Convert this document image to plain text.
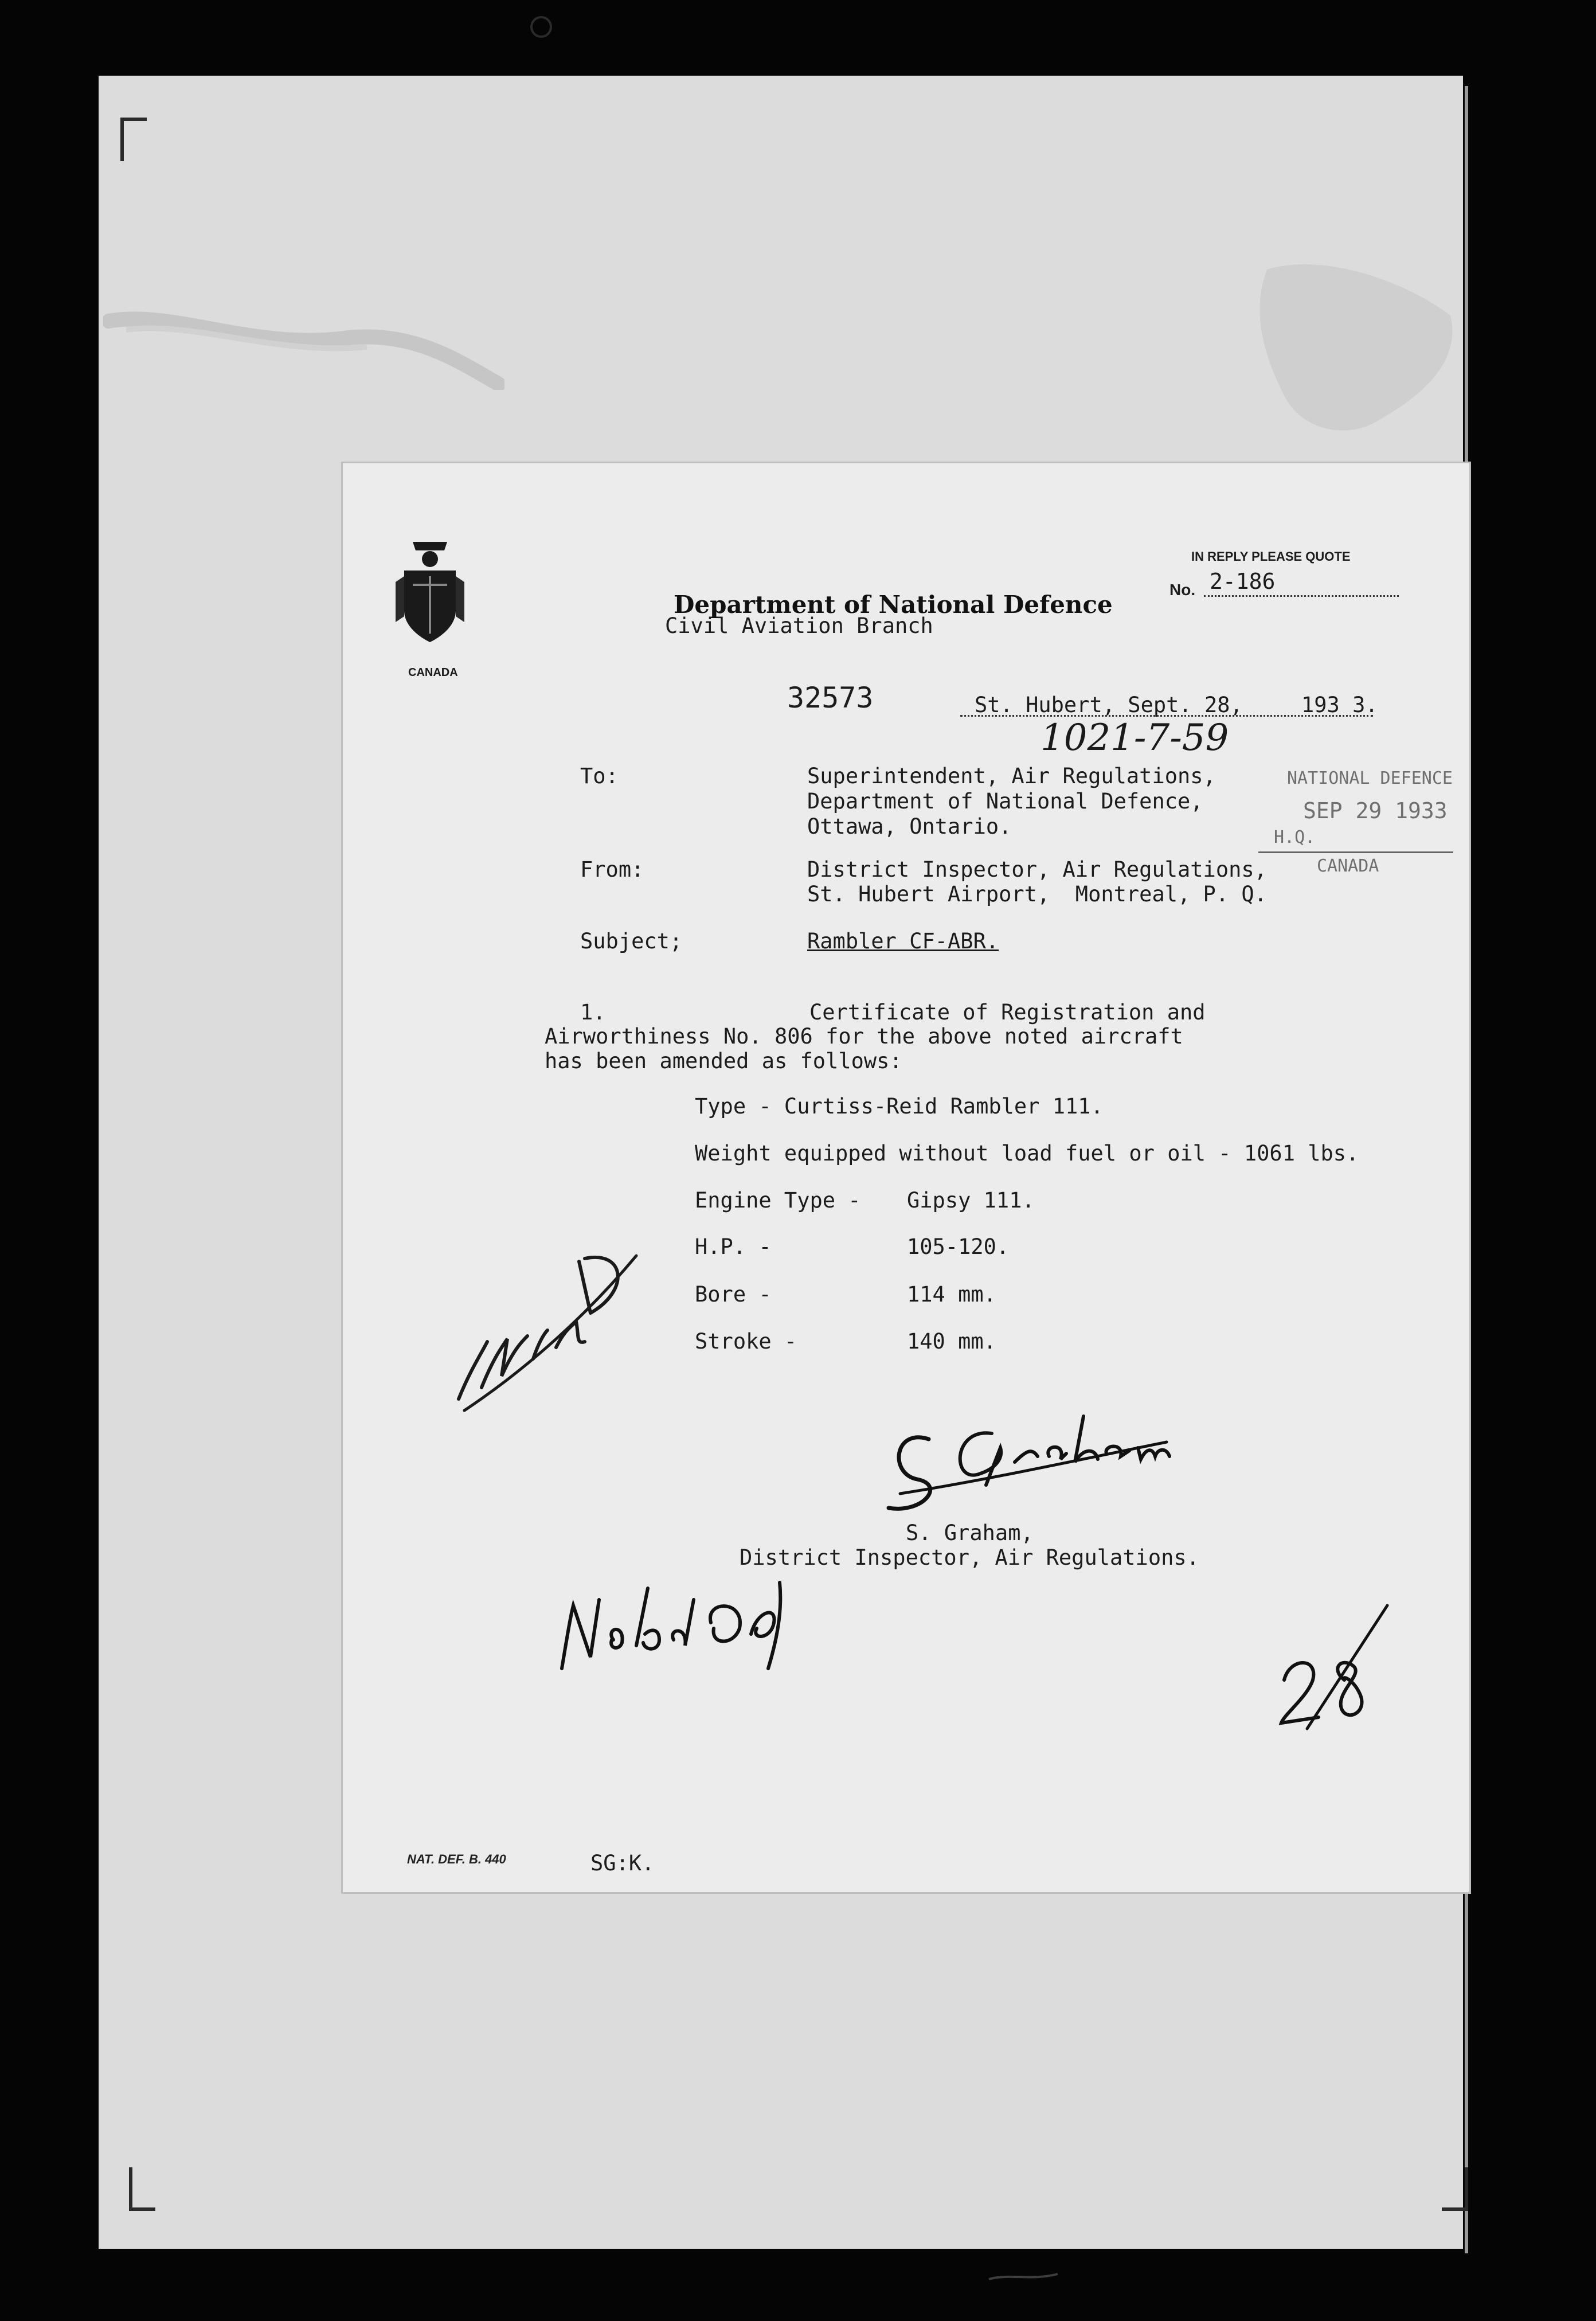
CANADA
Department of National Defence
Civil Aviation Branch
IN REPLY PLEASE QUOTE
No. 2-186
32573	St. Hubert, Sept. 28,	193 3.
1021-7-59
NATIONAL DEFENCE
SEP 29 1933
H.Q.
CANADA
To:	Superintendent, Air Regulations,
Department of National Defence,
Ottawa, Ontario.
From:	District Inspector, Air Regulations,
St. Hubert Airport,  Montreal, P. Q.
Subject;	Rambler CF-ABR.
1.	Certificate of Registration and
Airworthiness No. 806 for the above noted aircraft
has been amended as follows:
Type - Curtiss-Reid Rambler 111.
Weight equipped without load fuel or oil - 1061 lbs.
Engine Type - Gipsy 111.
H.P. -	105-120.
Bore -	114 mm.
Stroke -	140 mm.
S. Graham,
District Inspector, Air Regulations.
NAT. DEF. B. 440	SG:K.
